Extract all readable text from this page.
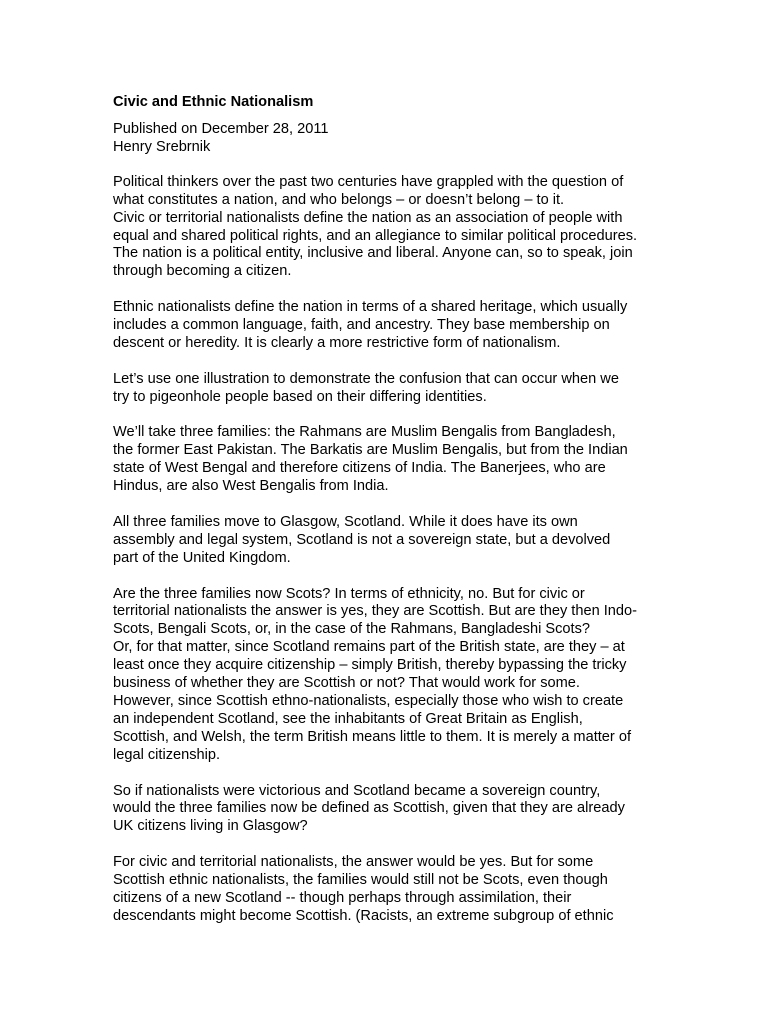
Civic and Ethnic Nationalism
Published on December 28, 2011
Henry Srebrnik
Political thinkers over the past two centuries have grappled with the question of
what constitutes a nation, and who belongs – or doesn’t belong – to it.
Civic or territorial nationalists define the nation as an association of people with
equal and shared political rights, and an allegiance to similar political procedures.
The nation is a political entity, inclusive and liberal. Anyone can, so to speak, join
through becoming a citizen.
Ethnic nationalists define the nation in terms of a shared heritage, which usually
includes a common language, faith, and ancestry. They base membership on
descent or heredity. It is clearly a more restrictive form of nationalism.
Let’s use one illustration to demonstrate the confusion that can occur when we
try to pigeonhole people based on their differing identities.
We’ll take three families: the Rahmans are Muslim Bengalis from Bangladesh,
the former East Pakistan. The Barkatis are Muslim Bengalis, but from the Indian
state of West Bengal and therefore citizens of India. The Banerjees, who are
Hindus, are also West Bengalis from India.
All three families move to Glasgow, Scotland. While it does have its own
assembly and legal system, Scotland is not a sovereign state, but a devolved
part of the United Kingdom.
Are the three families now Scots? In terms of ethnicity, no. But for civic or
territorial nationalists the answer is yes, they are Scottish. But are they then Indo-
Scots, Bengali Scots, or, in the case of the Rahmans, Bangladeshi Scots?
Or, for that matter, since Scotland remains part of the British state, are they – at
least once they acquire citizenship – simply British, thereby bypassing the tricky
business of whether they are Scottish or not? That would work for some.
However, since Scottish ethno-nationalists, especially those who wish to create
an independent Scotland, see the inhabitants of Great Britain as English,
Scottish, and Welsh, the term British means little to them. It is merely a matter of
legal citizenship.
So if nationalists were victorious and Scotland became a sovereign country,
would the three families now be defined as Scottish, given that they are already
UK citizens living in Glasgow?
For civic and territorial nationalists, the answer would be yes. But for some
Scottish ethnic nationalists, the families would still not be Scots, even though
citizens of a new Scotland -- though perhaps through assimilation, their
descendants might become Scottish. (Racists, an extreme subgroup of ethnic
